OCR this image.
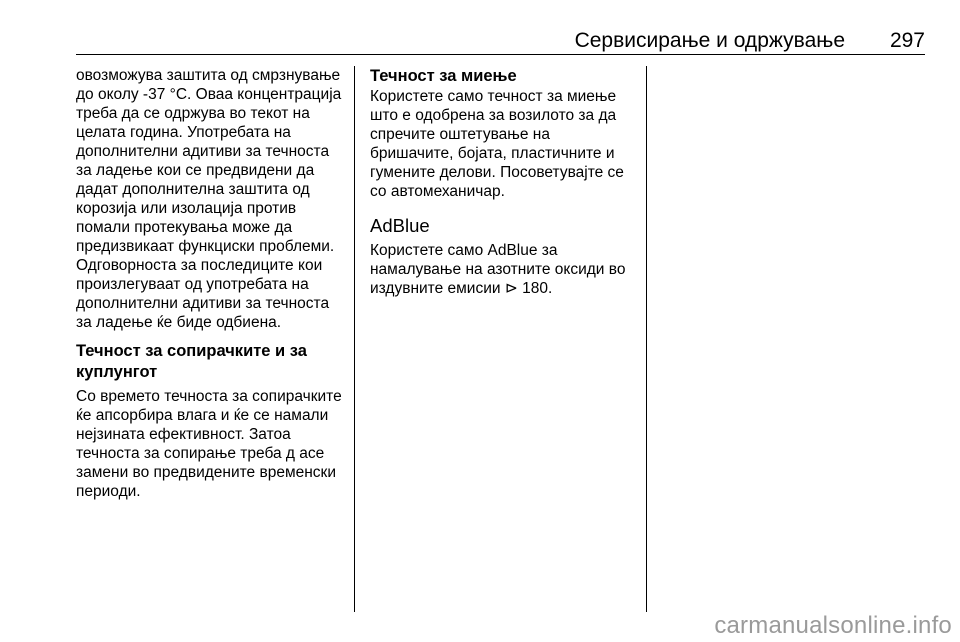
Сервисирање и одржување 297

овозможува заштита од смрзнување до околу -37 °C. Оваа концентрација треба да се одржува во текот на целата година. Употребата на дополнителни адитиви за течноста за ладење кои се предвидени да дадат дополнителна заштита од корозија или изолација против помали протекувања може да предизвикаат функциски проблеми. Одговорноста за последиците кои произлегуваат од употребата на дополнителни адитиви за течноста за ладење ќе биде одбиена.

Течност за сопирачките и за куплунгот

Со времето течноста за сопирачките ќе апсорбира влага и ќе се намали нејзината ефективност. Затоа течноста за сопирање треба д асе замени во предвидените временски периоди.

Течност за миење

Користете само течност за миење што е одобрена за возилото за да спречите оштетување на бришачите, бојата, пластичните и гумените делови. Посоветувајте се со автомеханичар.

AdBlue

Користете само AdBlue за намалување на азотните оксиди во издувните емисии ⊳ 180.

carmanualsonline.info
